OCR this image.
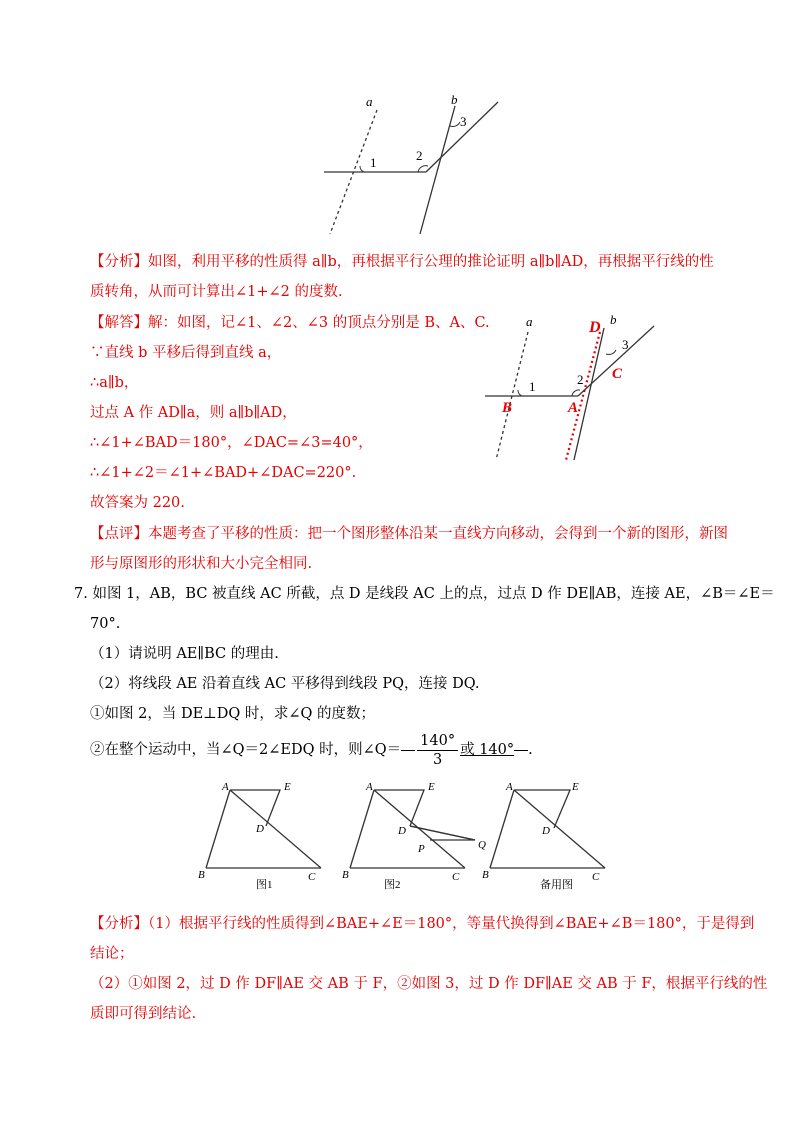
a	b
1	2
3
【分析】如图，利用平移的性质得 a∥b，再根据平行公理的推论证明 a∥b∥AD，再根据平行线的性
质转角，从而可计算出∠1+∠2 的度数.
【解答】解：如图，记∠1、∠2、∠3 的顶点分别是 B、A、C.
∵直线 b 平移后得到直线 a，
∴a∥b，
过点 A 作 AD∥a，则 a∥b∥AD，
∴∠1+∠BAD＝180°，∠DAC=∠3=40°，
∴∠1+∠2＝∠1+∠BAD+∠DAC=220°.
故答案为 220.
a	b
D
1	2
3
C
B	A
【点评】本题考查了平移的性质：把一个图形整体沿某一直线方向移动，会得到一个新的图形，新图
形与原图形的形状和大小完全相同.
7. 如图 1，AB，BC 被直线 AC 所截，点 D 是线段 AC 上的点，过点 D 作 DE∥AB，连接 AE，∠B＝∠E＝
70°.
（1）请说明 AE∥BC 的理由.
（2）将线段 AE 沿着直线 AC 平移得到线段 PQ，连接 DQ.
①如图 2，当 DE⊥DQ 时，求∠Q 的度数；
②在整个运动中，当∠Q＝2∠EDQ 时，则∠Q＝ $\frac{140^\circ}{3}$ 或 140° .
A	E
D
B	C
图1
A	E
D
P	Q
B	C
图2
A	E
D
B	C
备用图
【分析】（1）根据平行线的性质得到∠BAE+∠E＝180°，等量代换得到∠BAE+∠B＝180°，于是得到
结论；
（2）①如图 2，过 D 作 DF∥AE 交 AB 于 F，②如图 3，过 D 作 DF∥AE 交 AB 于 F，根据平行线的性
质即可得到结论.
